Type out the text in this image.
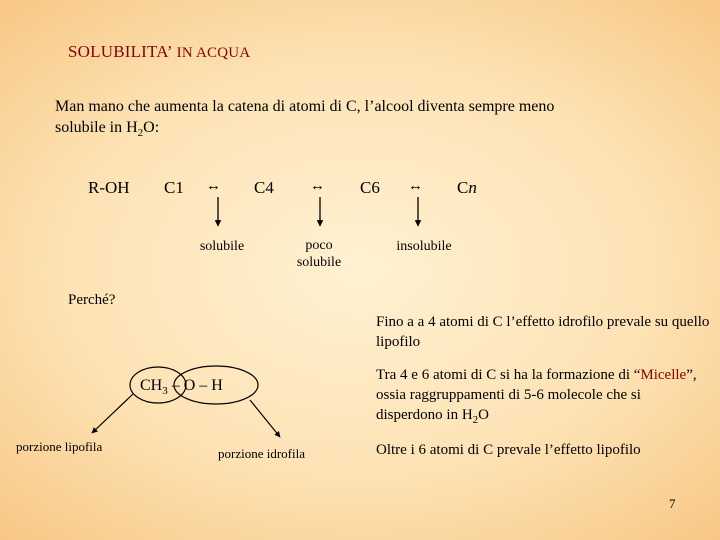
SOLUBILITA’ IN ACQUA
Man mano che aumenta la catena di atomi di C, l’alcool diventa sempre meno
solubile in $H_2O$:
R-OH C1 ↔ C4 ↔ C6 ↔ Cn
solubile	poco
solubile
insolubile
Perché?
$CH_3$ – O – H
porzione lipofila	porzione idrofila
Fino a a 4 atomi di C l’effetto idrofilo prevale su quello lipofilo
Tra 4 e 6 atomi di C si ha la formazione di “Micelle”, ossia raggruppamenti di 5-6 molecole che si disperdono in $H_2O$
Oltre i 6 atomi di C prevale l’effetto lipofilo
7
